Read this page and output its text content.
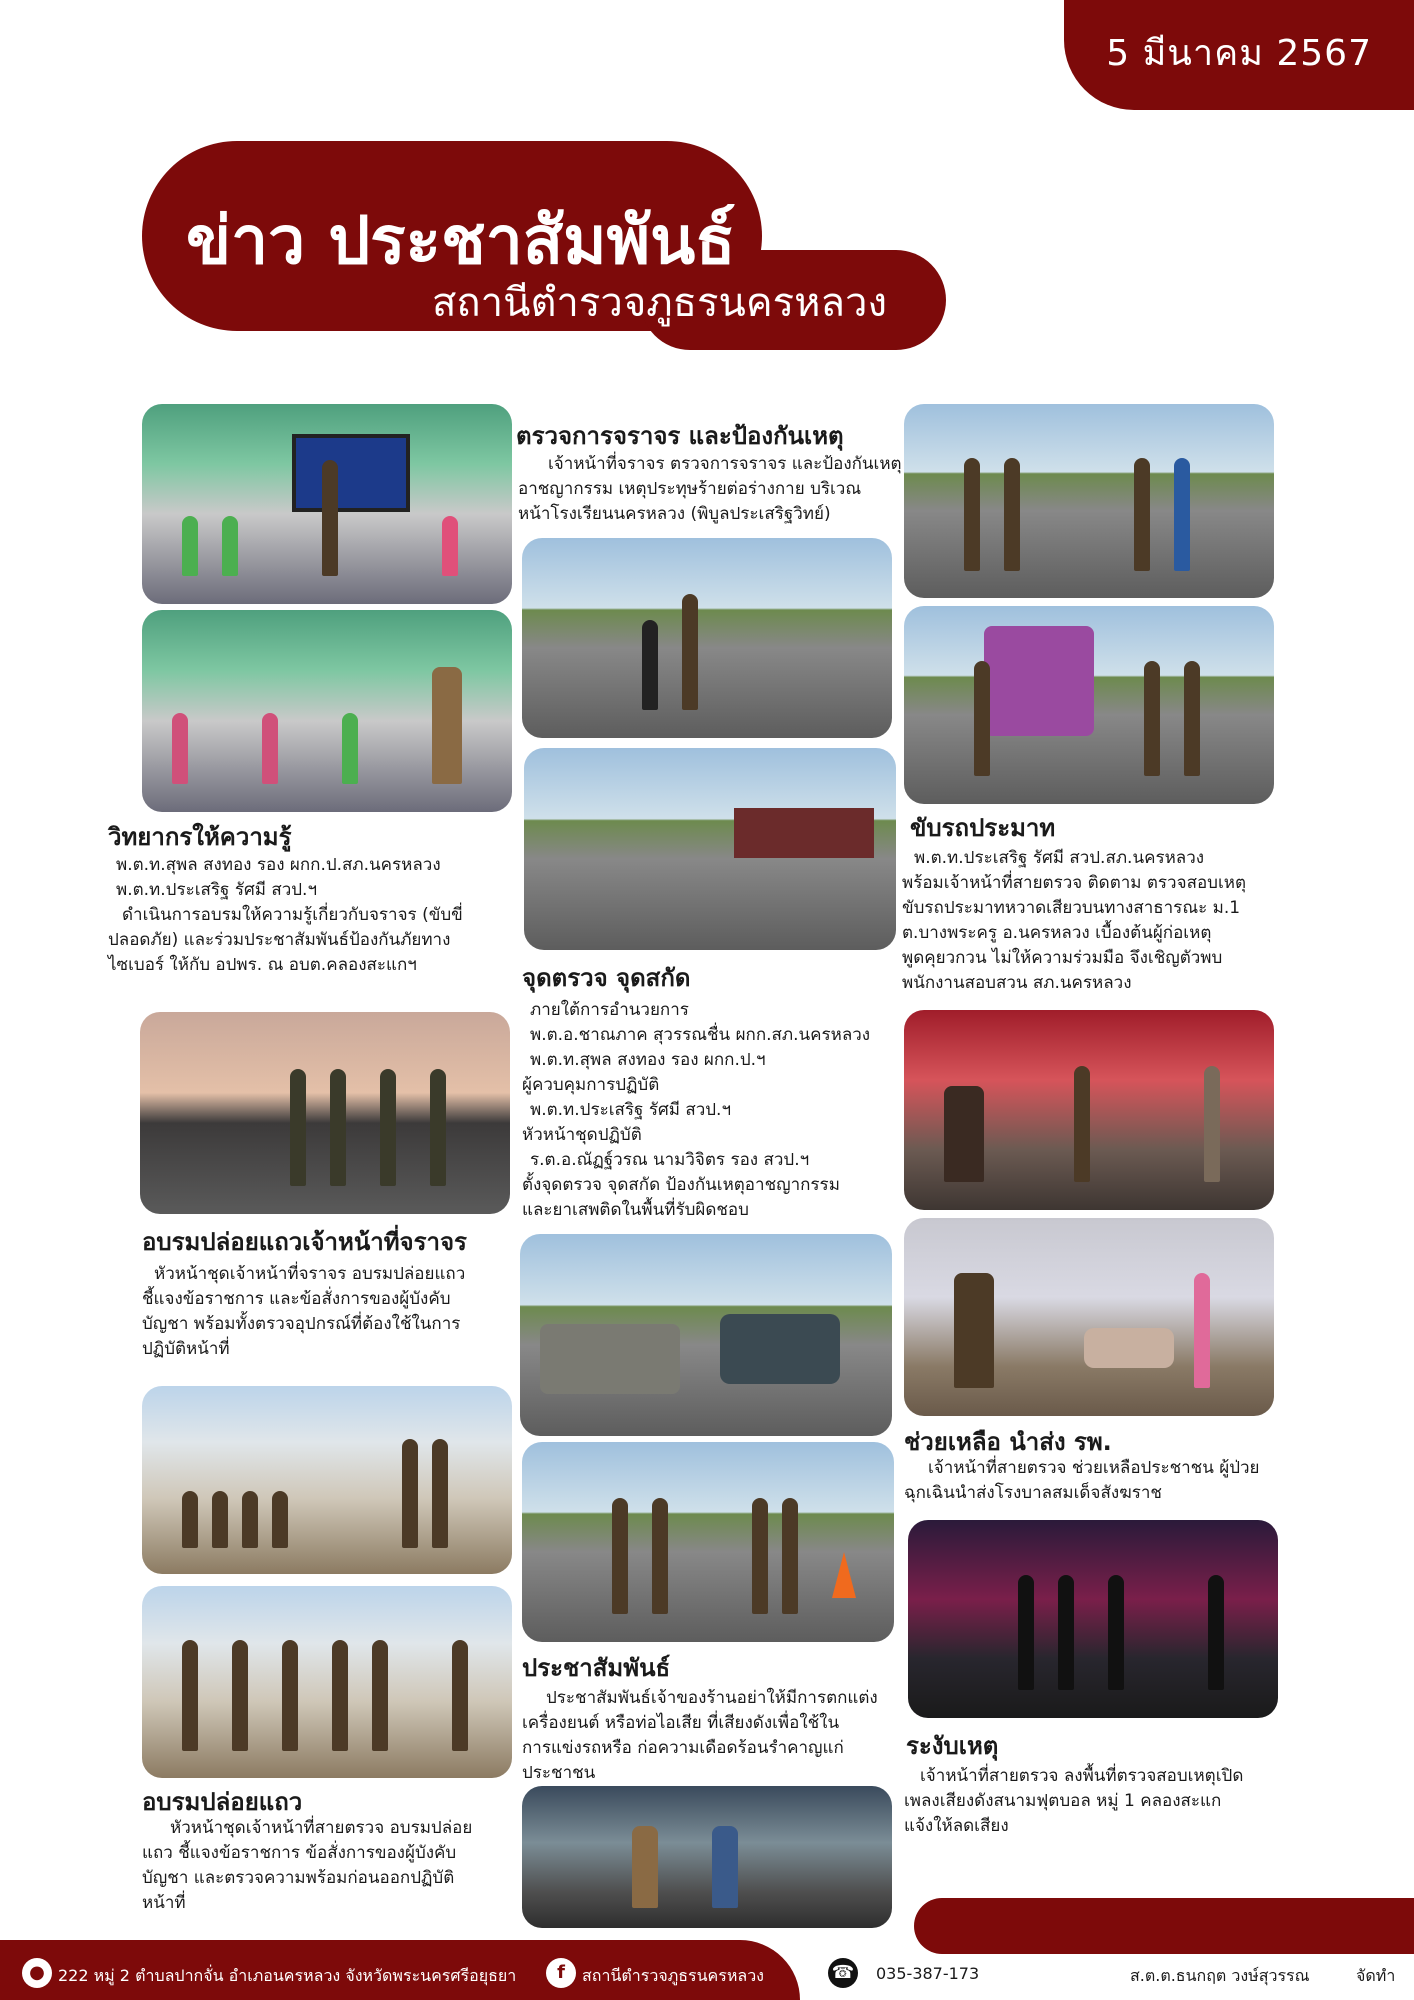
5 มีนาคม 2567
ข่าว ประชาสัมพันธ์
สถานีตำรวจภูธรนครหลวง
วิทยากรให้ความรู้
พ.ต.ท.สุพล สงทอง รอง ผกก.ป.สภ.นครหลวง
พ.ต.ท.ประเสริฐ รัศมี สวป.ฯ
ดำเนินการอบรมให้ความรู้เกี่ยวกับจราจร (ขับขี่
ปลอดภัย) และร่วมประชาสัมพันธ์ป้องกันภัยทาง
ไซเบอร์ ให้กับ อปพร. ณ อบต.คลองสะแกฯ
อบรมปล่อยแถวเจ้าหน้าที่จราจร
หัวหน้าชุดเจ้าหน้าที่จราจร อบรมปล่อยแถว
ชี้แจงข้อราชการ และข้อสั่งการของผู้บังคับ
บัญชา พร้อมทั้งตรวจอุปกรณ์ที่ต้องใช้ในการ
ปฏิบัติหน้าที่
อบรมปล่อยแถว
หัวหน้าชุดเจ้าหน้าที่สายตรวจ อบรมปล่อย
แถว ชี้แจงข้อราชการ ข้อสั่งการของผู้บังคับ
บัญชา และตรวจความพร้อมก่อนออกปฏิบัติ
หน้าที่
ตรวจการจราจร และป้องกันเหตุ
เจ้าหน้าที่จราจร ตรวจการจราจร และป้องกันเหตุ
อาชญากรรม เหตุประทุษร้ายต่อร่างกาย บริเวณ
หน้าโรงเรียนนครหลวง (พิบูลประเสริฐวิทย์)
จุดตรวจ จุดสกัด
ภายใต้การอำนวยการ
พ.ต.อ.ชาณภาค สุวรรณชื่น ผกก.สภ.นครหลวง
พ.ต.ท.สุพล สงทอง รอง ผกก.ป.ฯ
ผู้ควบคุมการปฏิบัติ
พ.ต.ท.ประเสริฐ รัศมี สวป.ฯ
หัวหน้าชุดปฏิบัติ
ร.ต.อ.ณัฏฐ์วรณ นามวิจิตร รอง สวป.ฯ
ตั้งจุดตรวจ จุดสกัด ป้องกันเหตุอาชญากรรม
และยาเสพติดในพื้นที่รับผิดชอบ
ประชาสัมพันธ์
ประชาสัมพันธ์เจ้าของร้านอย่าให้มีการตกแต่ง
เครื่องยนต์ หรือท่อไอเสีย ที่เสียงดังเพื่อใช้ใน
การแข่งรถหรือ ก่อความเดือดร้อนรำคาญแก่
ประชาชน
ขับรถประมาท
พ.ต.ท.ประเสริฐ รัศมี สวป.สภ.นครหลวง
พร้อมเจ้าหน้าที่สายตรวจ ติดตาม ตรวจสอบเหตุ
ขับรถประมาทหวาดเสียวบนทางสาธารณะ ม.1
ต.บางพระครู อ.นครหลวง เบื้องต้นผู้ก่อเหตุ
พูดคุยวกวน ไม่ให้ความร่วมมือ จึงเชิญตัวพบ
พนักงานสอบสวน สภ.นครหลวง
ช่วยเหลือ นำส่ง รพ.
เจ้าหน้าที่สายตรวจ ช่วยเหลือประชาชน ผู้ป่วย
ฉุกเฉินนำส่งโรงบาลสมเด็จสังฆราช
ระงับเหตุ
เจ้าหน้าที่สายตรวจ ลงพื้นที่ตรวจสอบเหตุเปิด
เพลงเสียงดังสนามฟุตบอล หมู่ 1 คลองสะแก
แจ้งให้ลดเสียง
● 222 หมู่ 2 ตำบลปากจั่น อำเภอนครหลวง จังหวัดพระนครศรีอยุธยา	f	สถานีตำรวจภูธรนครหลวง	☎ 035-387-173	ส.ต.ต.ธนกฤต วงษ์สุวรรณ	จัดทำ
